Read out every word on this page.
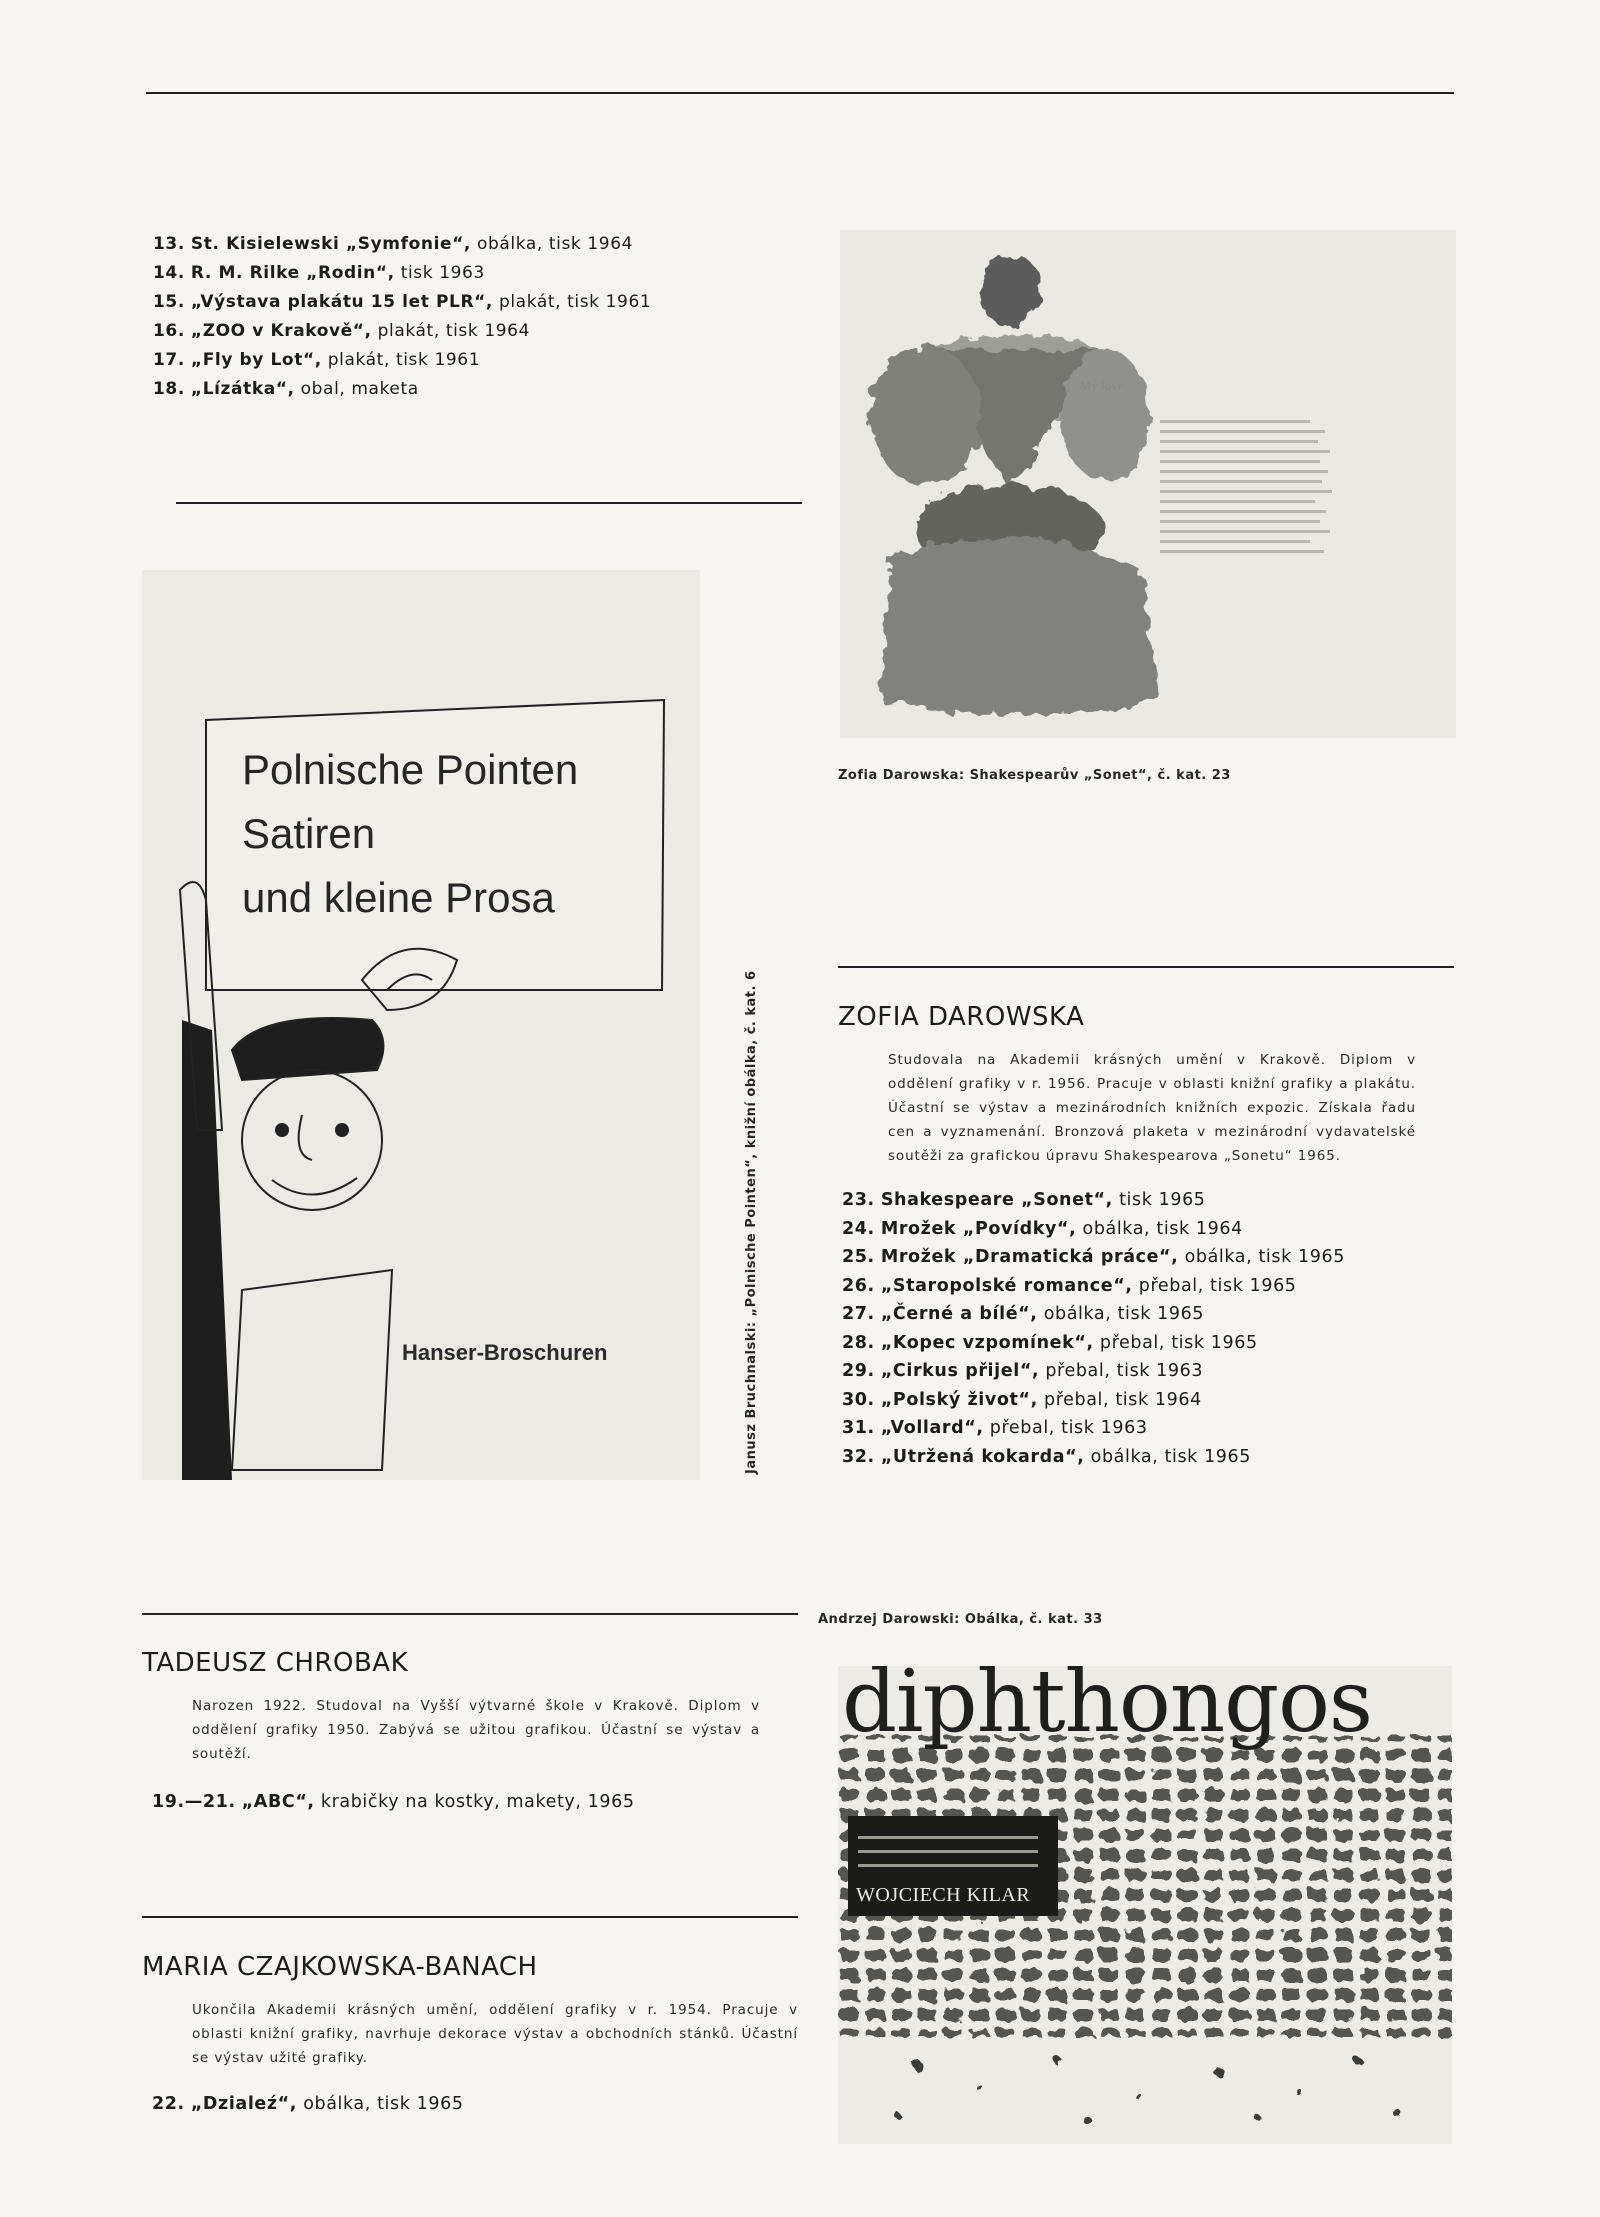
13. St. Kisielewski „Symfonie“, obálka, tisk 1964
14. R. M. Rilke „Rodin“, tisk 1963
15. „Výstava plakátu 15 let PLR“, plakát, tisk 1961
16. „ZOO v Krakově“, plakát, tisk 1964
17. „Fly by Lot“, plakát, tisk 1961
18. „Lízátka“, obal, maketa	My love
Zofia Darowska: Shakespearův „Sonet“, č. kat. 23
Polnische Pointen
Satiren
und kleine Prosa
Hanser-Broschuren	Janusz Bruchnalski: „Polnische Pointen“, knižní obálka, č. kat. 6	ZOFIA DAROWSKA
Studovala na Akademii krásných umění v Krakově. Diplom v oddělení grafiky v r. 1956. Pracuje v oblasti knižní grafiky a plakátu. Účastní se výstav a mezinárodních knižních expozic. Získala řadu cen a vyznamenání. Bronzová plaketa v mezinárodní vydavatelské soutěži za grafickou úpravu Shakespearova „Sonetu“ 1965.
23. Shakespeare „Sonet“, tisk 1965
24. Mrožek „Povídky“, obálka, tisk 1964
25. Mrožek „Dramatická práce“, obálka, tisk 1965
26. „Staropolské romance“, přebal, tisk 1965
27. „Černé a bílé“, obálka, tisk 1965
28. „Kopec vzpomínek“, přebal, tisk 1965
29. „Cirkus přijel“, přebal, tisk 1963
30. „Polský život“, přebal, tisk 1964
31. „Vollard“, přebal, tisk 1963
32. „Utržená kokarda“, obálka, tisk 1965
TADEUSZ CHROBAK
Narozen 1922. Studoval na Vyšší výtvarné škole v Krakově. Diplom v oddělení grafiky 1950. Zabývá se užitou grafikou. Účastní se výstav a soutěží.
19.—21. „ABC“, krabičky na kostky, makety, 1965
MARIA CZAJKOWSKA-BANACH
Ukončila Akademii krásných umění, oddělení grafiky v r. 1954. Pracuje v oblasti knižní grafiky, navrhuje dekorace výstav a obchodních stánků. Účastní se výstav užité grafiky.
22. „Dzialeź“, obálka, tisk 1965
Andrzej Darowski: Obálka, č. kat. 33
diphthongos
WOJCIECH KILAR
